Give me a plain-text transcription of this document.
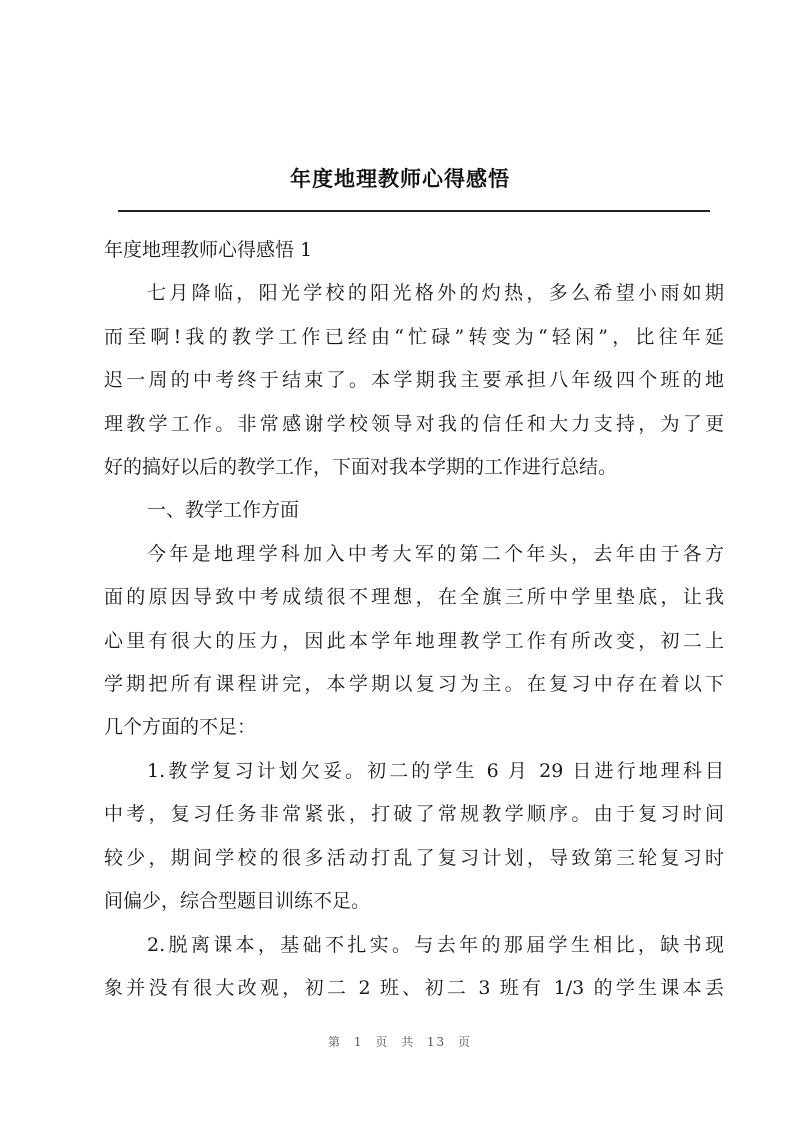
年度地理教师心得感悟
年度地理教师心得感悟 1
七月降临，阳光学校的阳光格外的灼热，多么希望小雨如期
而至啊!我的教学工作已经由“忙碌”转变为“轻闲”，比往年延
迟一周的中考终于结束了。本学期我主要承担八年级四个班的地
理教学工作。非常感谢学校领导对我的信任和大力支持，为了更
好的搞好以后的教学工作，下面对我本学期的工作进行总结。
一、教学工作方面
今年是地理学科加入中考大军的第二个年头，去年由于各方
面的原因导致中考成绩很不理想，在全旗三所中学里垫底，让我
心里有很大的压力，因此本学年地理教学工作有所改变，初二上
学期把所有课程讲完，本学期以复习为主。在复习中存在着以下
几个方面的不足：
1.教学复习计划欠妥。初二的学生 6 月 29 日进行地理科目
中考，复习任务非常紧张，打破了常规教学顺序。由于复习时间
较少，期间学校的很多活动打乱了复习计划，导致第三轮复习时
间偏少，综合型题目训练不足。
2.脱离课本，基础不扎实。与去年的那届学生相比，缺书现
象并没有很大改观，初二 2 班、初二 3 班有 1/3 的学生课本丢
第 1 页 共 13 页
